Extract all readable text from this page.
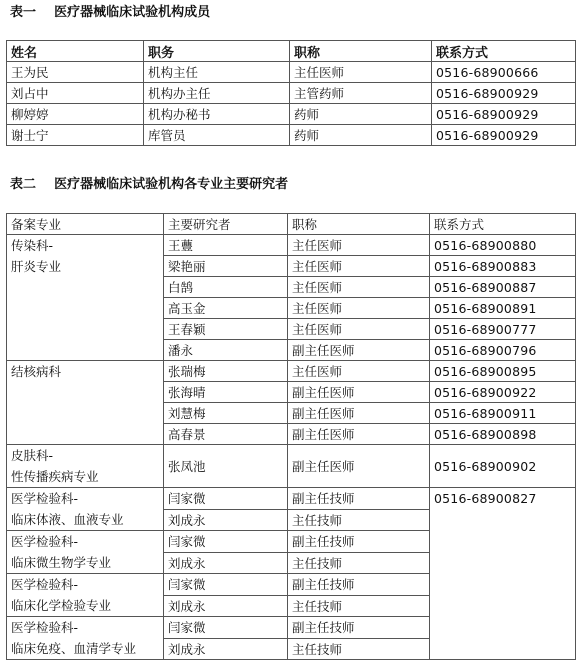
表一    医疗器械临床试验机构成员
姓名	职务	职称	联系方式
王为民	机构主任	主任医师	0516-68900666
刘占中	机构办主任	主管药师	0516-68900929
柳婷婷	机构办秘书	药师	0516-68900929
谢士宁	库管员	药师	0516-68900929
表二    医疗器械临床试验机构各专业主要研究者
备案专业	主要研究者	职称	联系方式
传染科-
肝炎专业	王蘴	主任医师	0516-68900880
	梁艳丽	主任医师	0516-68900883
	白鹄	主任医师	0516-68900887
	高玉金	主任医师	0516-68900891
	王春颖	主任医师	0516-68900777
	潘永	副主任医师	0516-68900796
结核病科	张瑞梅	主任医师	0516-68900895
	张海晴	副主任医师	0516-68900922
	刘慧梅	副主任医师	0516-68900911
	高春景	副主任医师	0516-68900898
皮肤科-
性传播疾病专业	张凤池	副主任医师	0516-68900902
医学检验科-
临床体液、血液专业	闫家微	副主任技师	0516-68900827
	刘成永	主任技师	
医学检验科-
临床微生物学专业	闫家微	副主任技师	
	刘成永	主任技师	
医学检验科-
临床化学检验专业	闫家微	副主任技师	
	刘成永	主任技师	
医学检验科-
临床免疫、血清学专业	闫家微	副主任技师	
	刘成永	主任技师	
